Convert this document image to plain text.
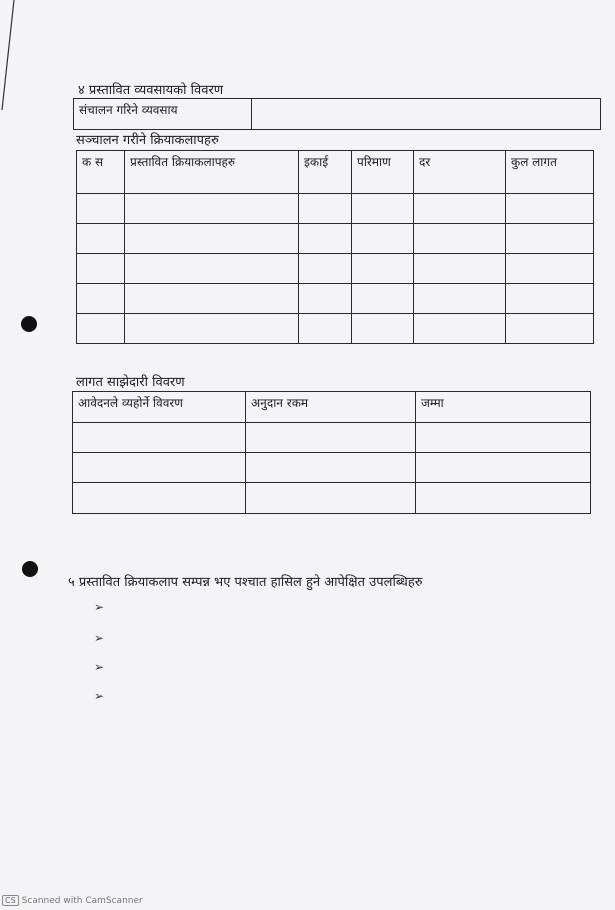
४ प्रस्तावित व्यवसायको विवरण
संचालन गरिने व्यवसाय	
सञ्चालन गरीने क्रियाकलापहरु
क स	प्रस्तावित क्रियाकलापहरु	इकाई	परिमाण	दर	कुल लागत

लागत साझेदारी विवरण
आवेदनले व्यहोर्ने विवरण	अनुदान रकम	जम्मा

५ प्रस्तावित क्रियाकलाप सम्पन्न भए पश्चात हासिल हुने आपेक्षित उपलब्धिहरु
➢
➢
➢
➢
CS Scanned with CamScanner
